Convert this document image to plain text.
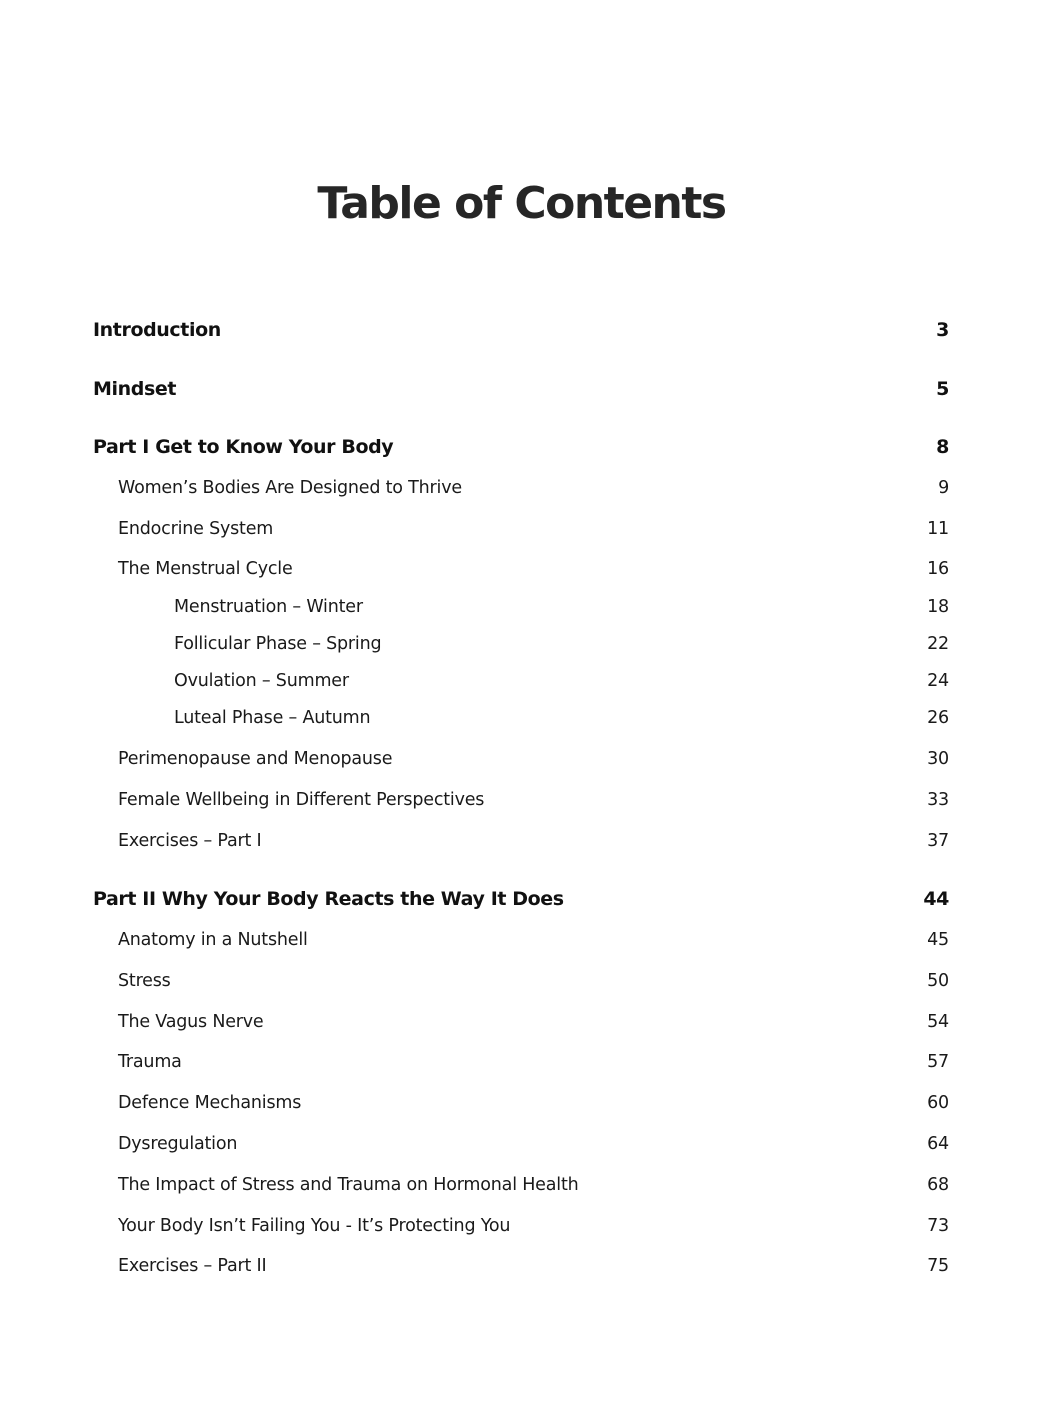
Table of Contents
Introduction	3
Mindset	5
Part I Get to Know Your Body	8
Women’s Bodies Are Designed to Thrive	9
Endocrine System	11
The Menstrual Cycle	16
Menstruation – Winter	18
Follicular Phase – Spring	22
Ovulation – Summer	24
Luteal Phase – Autumn	26
Perimenopause and Menopause	30
Female Wellbeing in Different Perspectives	33
Exercises – Part I	37
Part II Why Your Body Reacts the Way It Does	44
Anatomy in a Nutshell	45
Stress	50
The Vagus Nerve	54
Trauma	57
Defence Mechanisms	60
Dysregulation	64
The Impact of Stress and Trauma on Hormonal Health	68
Your Body Isn’t Failing You - It’s Protecting You	73
Exercises – Part II	75
